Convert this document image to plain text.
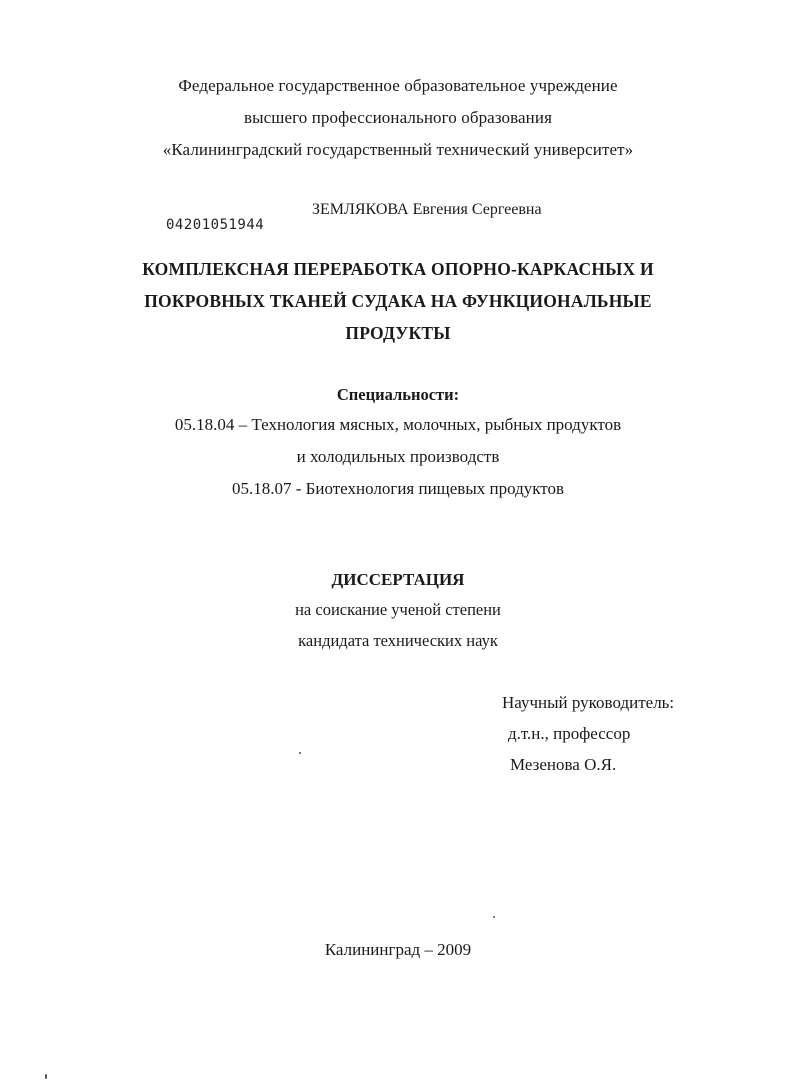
Федеральное государственное образовательное учреждение
высшего профессионального образования
«Калининградский государственный технический университет»
04201051944
ЗЕМЛЯКОВА Евгения Сергеевна
КОМПЛЕКСНАЯ ПЕРЕРАБОТКА ОПОРНО-КАРКАСНЫХ И
ПОКРОВНЫХ ТКАНЕЙ СУДАКА НА ФУНКЦИОНАЛЬНЫЕ
ПРОДУКТЫ
Специальности:
05.18.04 – Технология мясных, молочных, рыбных продуктов
и холодильных производств
05.18.07 - Биотехнология пищевых продуктов
ДИССЕРТАЦИЯ
на соискание ученой степени
кандидата технических наук
Научный руководитель:
д.т.н., профессор
Мезенова О.Я.
Калининград – 2009
